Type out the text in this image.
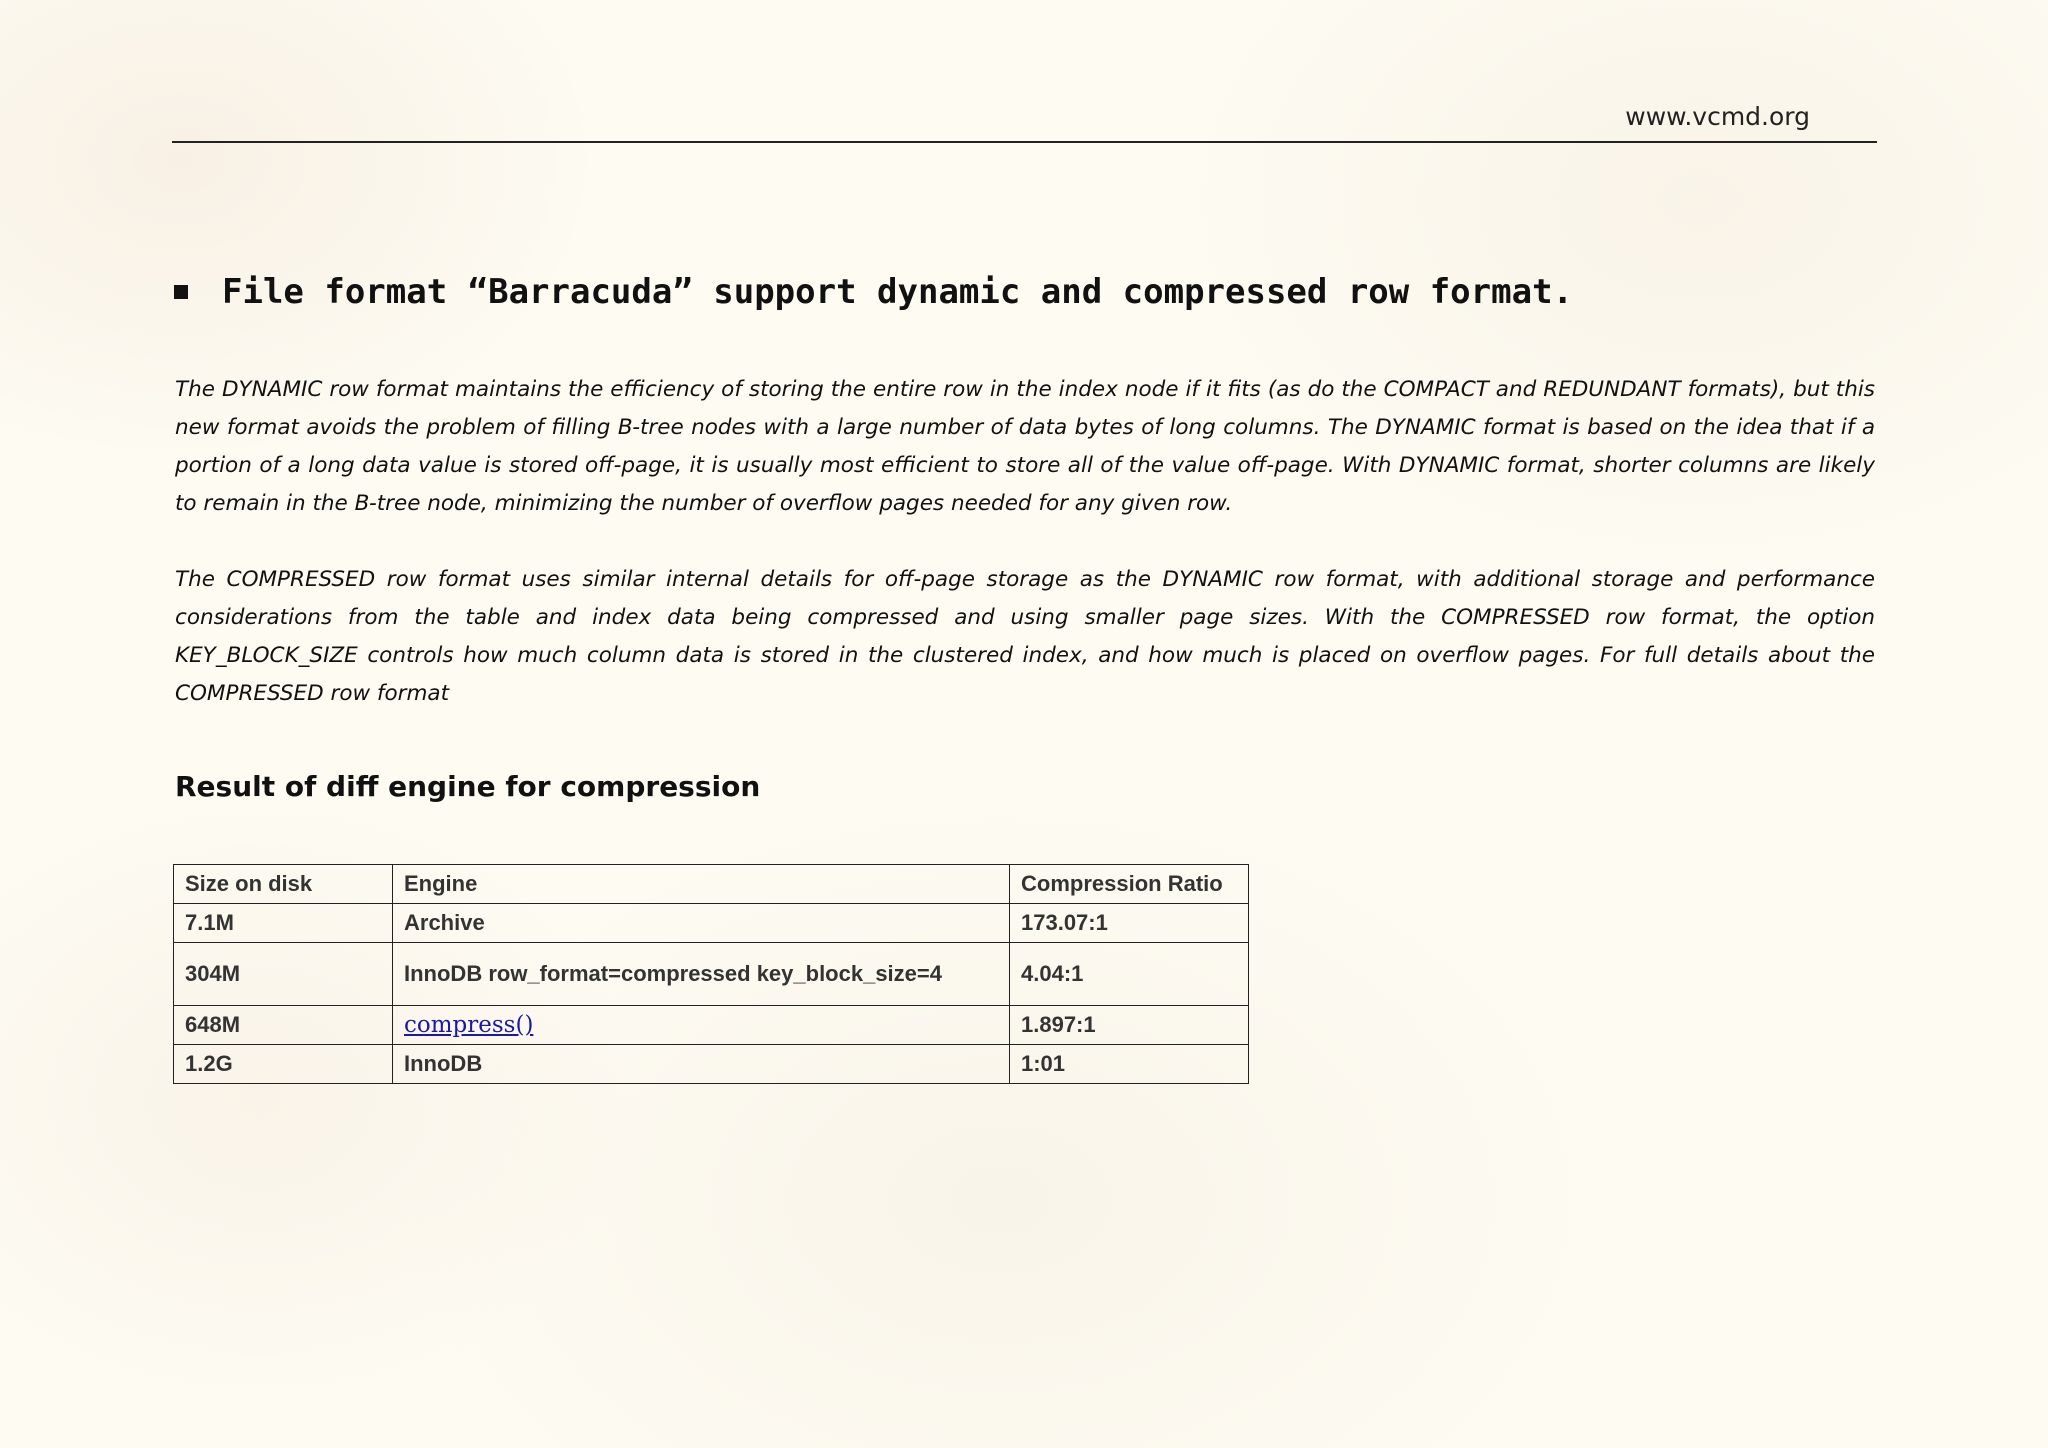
www.vcmd.org
File format “Barracuda” support dynamic and compressed row format.

The DYNAMIC row format maintains the efficiency of storing the entire row in the index node if it fits (as do the COMPACT and REDUNDANT formats), but this new format avoids the problem of filling B-tree nodes with a large number of data bytes of long columns. The DYNAMIC format is based on the idea that if a portion of a long data value is stored off-page, it is usually most efficient to store all of the value off-page. With DYNAMIC format, shorter columns are likely to remain in the B-tree node, minimizing the number of overflow pages needed for any given row.

The COMPRESSED row format uses similar internal details for off-page storage as the DYNAMIC row format, with additional storage and performance considerations from the table and index data being compressed and using smaller page sizes. With the COMPRESSED row format, the option KEY_BLOCK_SIZE controls how much column data is stored in the clustered index, and how much is placed on overflow pages. For full details about the COMPRESSED row format

Result of diff engine for compression
Size on disk	Engine	Compression Ratio
7.1M	Archive	173.07:1
304M	InnoDB row_format=compressed key_block_size=4	4.04:1
648M	compress()	1.897:1
1.2G	InnoDB	1:01
